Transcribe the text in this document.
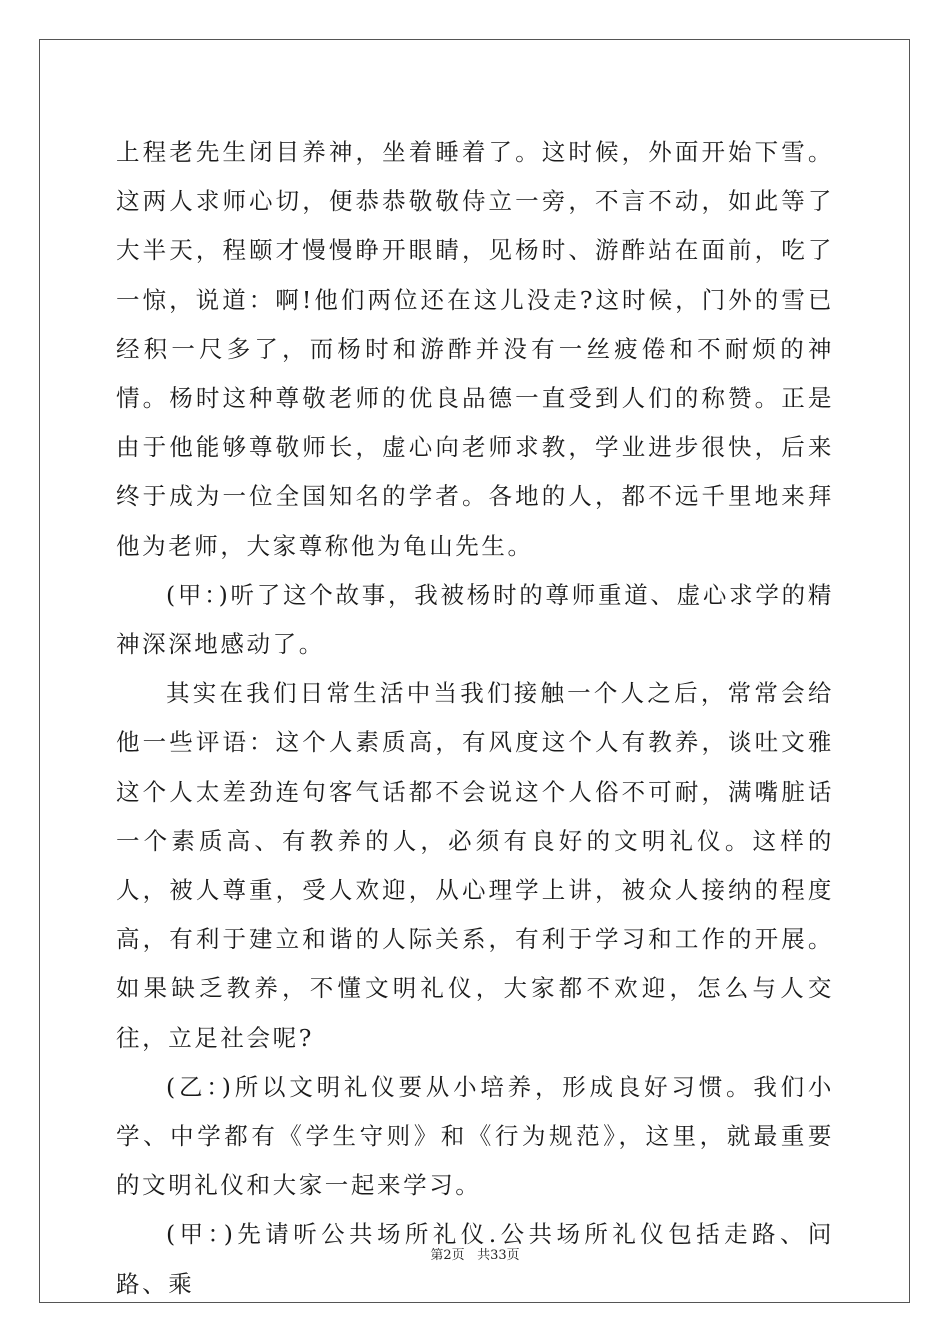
上程老先生闭目养神，坐着睡着了。这时候，外面开始下雪。这两人求师心切，便恭恭敬敬侍立一旁，不言不动，如此等了大半天，程颐才慢慢睁开眼睛，见杨时、游酢站在面前，吃了一惊，说道：啊!他们两位还在这儿没走?这时候，门外的雪已经积一尺多了，而杨时和游酢并没有一丝疲倦和不耐烦的神情。杨时这种尊敬老师的优良品德一直受到人们的称赞。正是由于他能够尊敬师长，虚心向老师求教，学业进步很快，后来终于成为一位全国知名的学者。各地的人，都不远千里地来拜他为老师，大家尊称他为龟山先生。

(甲：)听了这个故事，我被杨时的尊师重道、虚心求学的精神深深地感动了。

其实在我们日常生活中当我们接触一个人之后，常常会给他一些评语：这个人素质高，有风度这个人有教养，谈吐文雅这个人太差劲连句客气话都不会说这个人俗不可耐，满嘴脏话一个素质高、有教养的人，必须有良好的文明礼仪。这样的人，被人尊重，受人欢迎，从心理学上讲，被众人接纳的程度高，有利于建立和谐的人际关系，有利于学习和工作的开展。如果缺乏教养，不懂文明礼仪，大家都不欢迎，怎么与人交往，立足社会呢?

(乙：)所以文明礼仪要从小培养，形成良好习惯。我们小学、中学都有《学生守则》和《行为规范》，这里，就最重要的文明礼仪和大家一起来学习。

(甲：)先请听公共场所礼仪.公共场所礼仪包括走路、问路、乘

第2页 共33页
